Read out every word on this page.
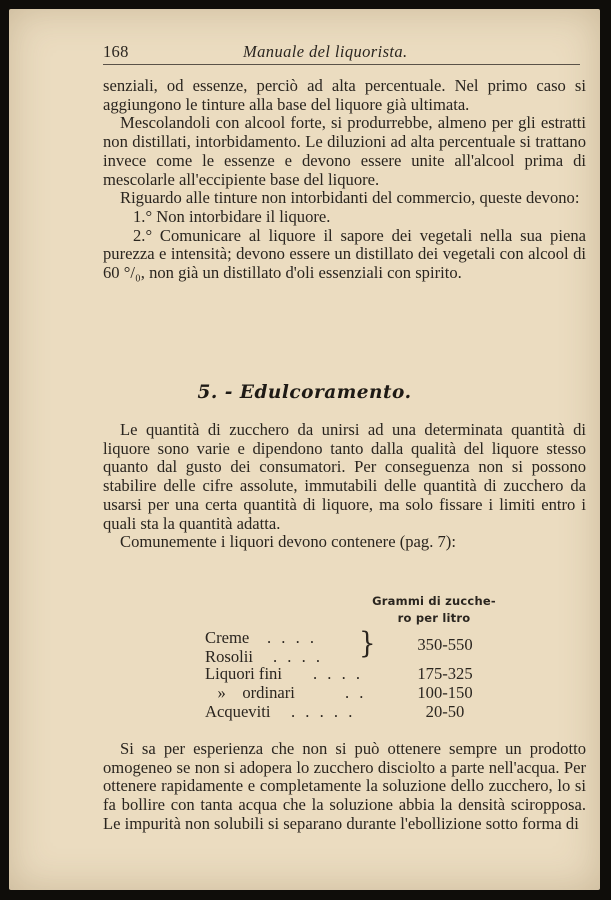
168	Manuale del liquorista.

senziali, od essenze, perciò ad alta percentuale. Nel primo caso si aggiungono le tinture alla base del liquore già ultimata.

Mescolandoli con alcool forte, si produrrebbe, almeno per gli estratti non distillati, intorbidamento. Le diluzioni ad alta percentuale si trattano invece come le essenze e devono essere unite all'alcool prima di mescolarle all'eccipiente base del liquore.

Riguardo alle tinture non intorbidanti del commercio, queste devono:

1.° Non intorbidare il liquore.

2.° Comunicare al liquore il sapore dei vegetali nella sua piena purezza e intensità; devono essere un distillato dei vegetali con alcool di 60 °/₀, non già un distillato d'oli essenziali con spirito.

5. - Edulcoramento.

Le quantità di zucchero da unirsi ad una determinata quantità di liquore sono varie e dipendono tanto dalla qualità del liquore stesso quanto dal gusto dei consumatori. Per conseguenza non si possono stabilire delle cifre assolute, immutabili delle quantità di zucchero da usarsi per una certa quantità di liquore, ma solo fissare i limiti entro i quali sta la quantità adatta.

Comunemente i liquori devono contenere (pag. 7):

Grammi di zucche-
ro per litro
Creme . . . .
Rosolii . . . . }	350-550
Liquori fini . . . .	175-325
»    ordinari	. .	100-150
Acqueviti . . . . .	20-50

Si sa per esperienza che non si può ottenere sempre un prodotto omogeneo se non si adopera lo zucchero disciolto a parte nell'acqua. Per ottenere rapidamente e completamente la soluzione dello zucchero, lo si fa bollire con tanta acqua che la soluzione abbia la densità sciropposa. Le impurità non solubili si separano durante l'ebollizione sotto forma di
